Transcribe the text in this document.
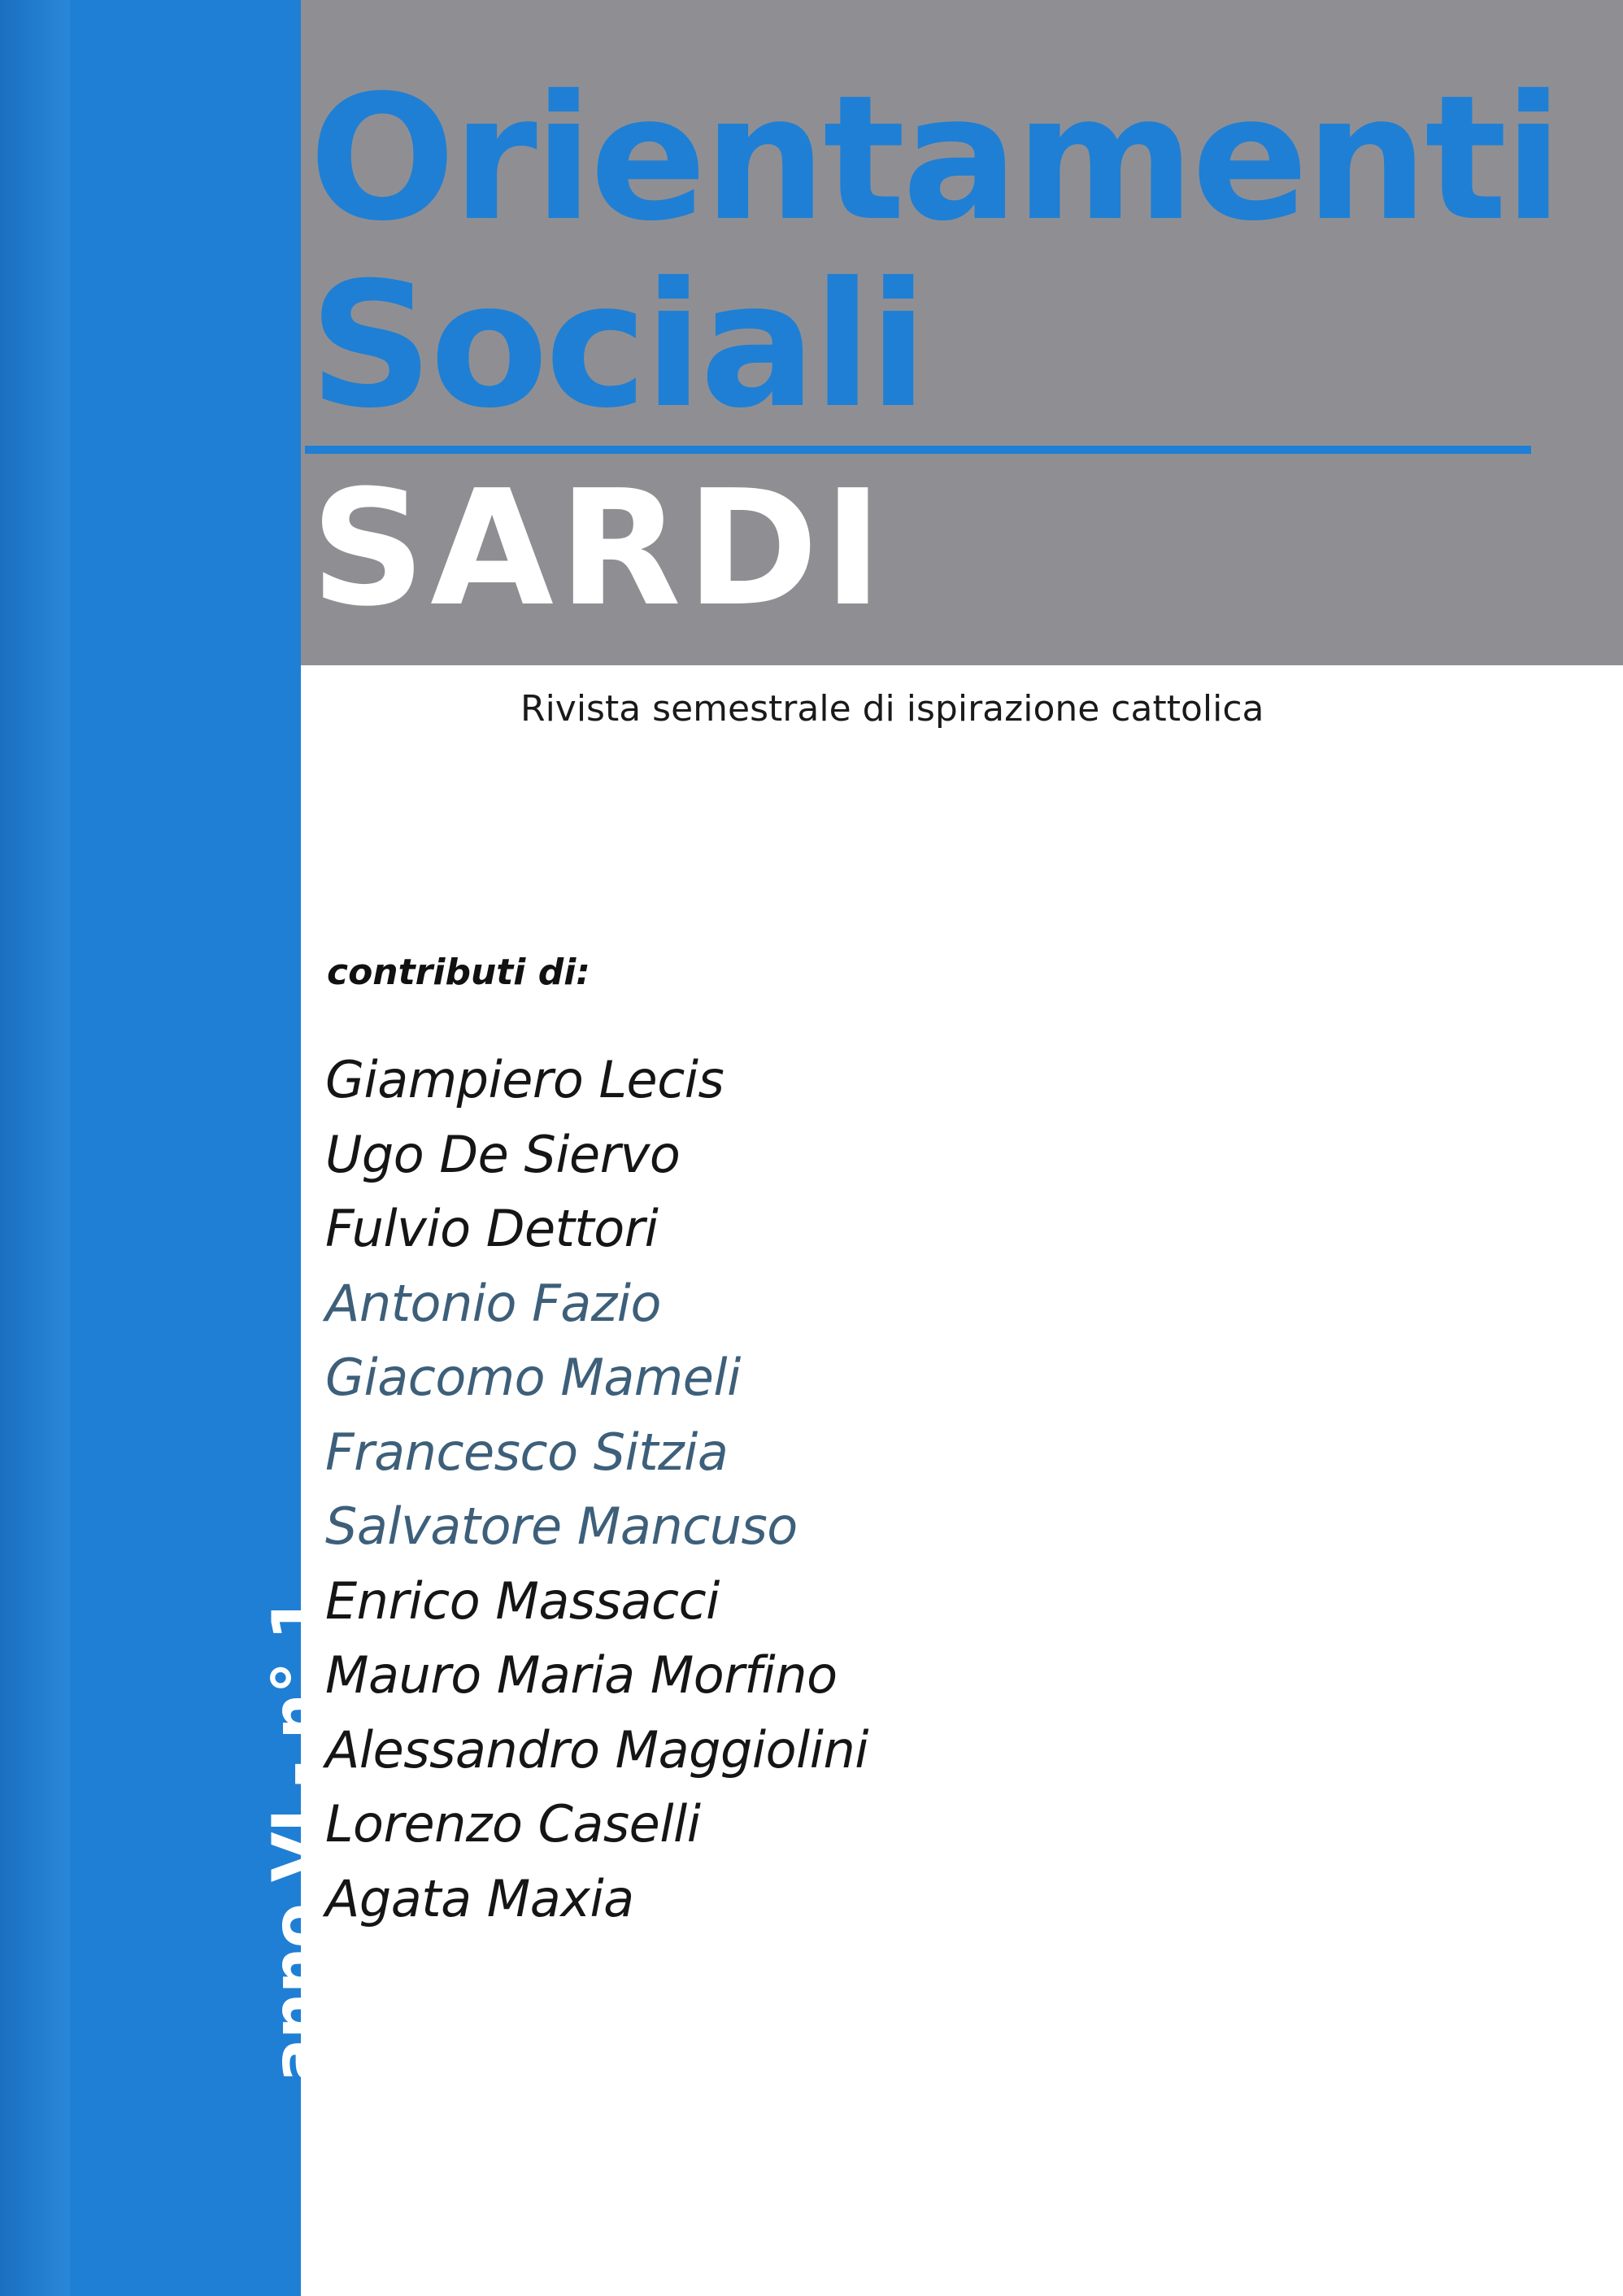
anno VI - n° 1 GENNAIO - GIUGNO 2001 Spedizione in abbonamento postale art. 2 comma 20/c Legge 662/96 - Filiale di Cagliari
Orientamenti
Sociali
SARDI

Rivista semestrale di ispirazione cattolica

contributi di:

Giampiero Lecis
Ugo De Siervo
Fulvio Dettori
Antonio Fazio
Giacomo Mameli
Francesco Sitzia
Salvatore Mancuso
Enrico Massacci
Mauro Maria Morfino
Alessandro Maggiolini
Lorenzo Caselli
Agata Maxia
